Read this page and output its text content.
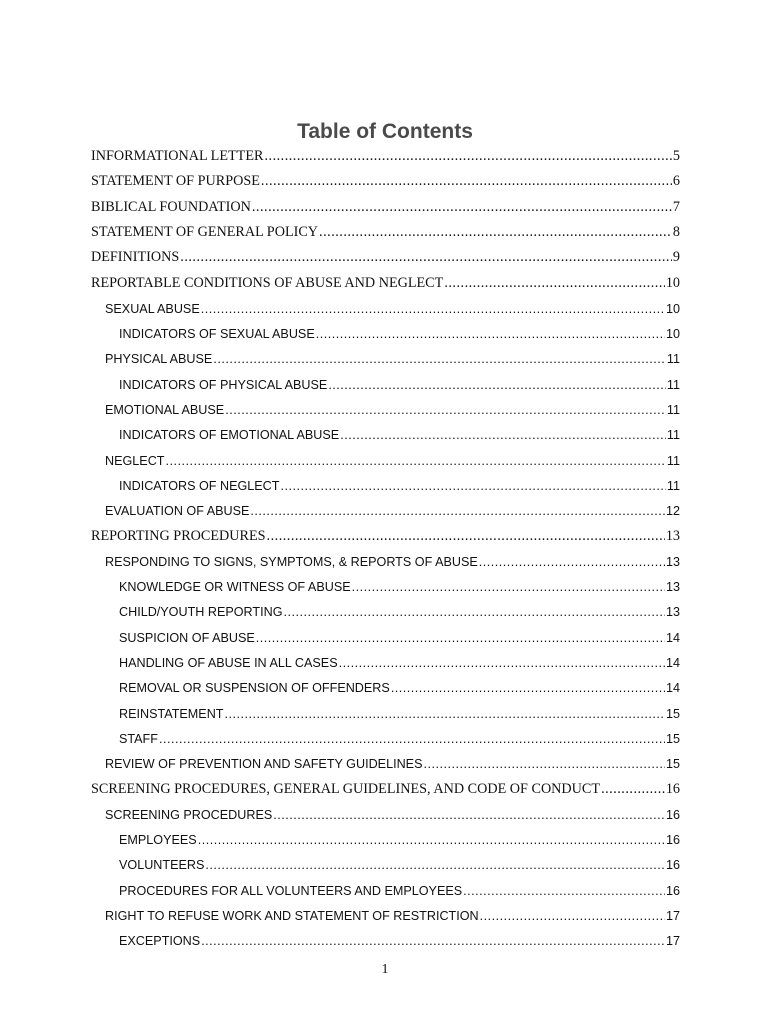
Table of Contents
INFORMATIONAL LETTER .....	5
STATEMENT OF PURPOSE .....	6
BIBLICAL FOUNDATION .....	7
STATEMENT OF GENERAL POLICY .....	8
DEFINITIONS .....	9
REPORTABLE CONDITIONS OF ABUSE AND NEGLECT .....	10
SEXUAL ABUSE .....	10
INDICATORS OF SEXUAL ABUSE .....	10
PHYSICAL ABUSE .....	11
INDICATORS OF PHYSICAL ABUSE .....	11
EMOTIONAL ABUSE .....	11
INDICATORS OF EMOTIONAL ABUSE .....	11
NEGLECT .....	11
INDICATORS OF NEGLECT .....	11
EVALUATION OF ABUSE .....	12
REPORTING PROCEDURES .....	13
RESPONDING TO SIGNS, SYMPTOMS, & REPORTS OF ABUSE .....	13
KNOWLEDGE OR WITNESS OF ABUSE .....	13
CHILD/YOUTH REPORTING .....	13
SUSPICION OF ABUSE .....	14
HANDLING OF ABUSE IN ALL CASES .....	14
REMOVAL OR SUSPENSION OF OFFENDERS .....	14
REINSTATEMENT .....	15
STAFF .....	15
REVIEW OF PREVENTION AND SAFETY GUIDELINES .....	15
SCREENING PROCEDURES, GENERAL GUIDELINES, AND CODE OF CONDUCT .....	16
SCREENING PROCEDURES .....	16
EMPLOYEES .....	16
VOLUNTEERS .....	16
PROCEDURES FOR ALL VOLUNTEERS AND EMPLOYEES .....	16
RIGHT TO REFUSE WORK AND STATEMENT OF RESTRICTION .....	17
EXCEPTIONS .....	17
1
